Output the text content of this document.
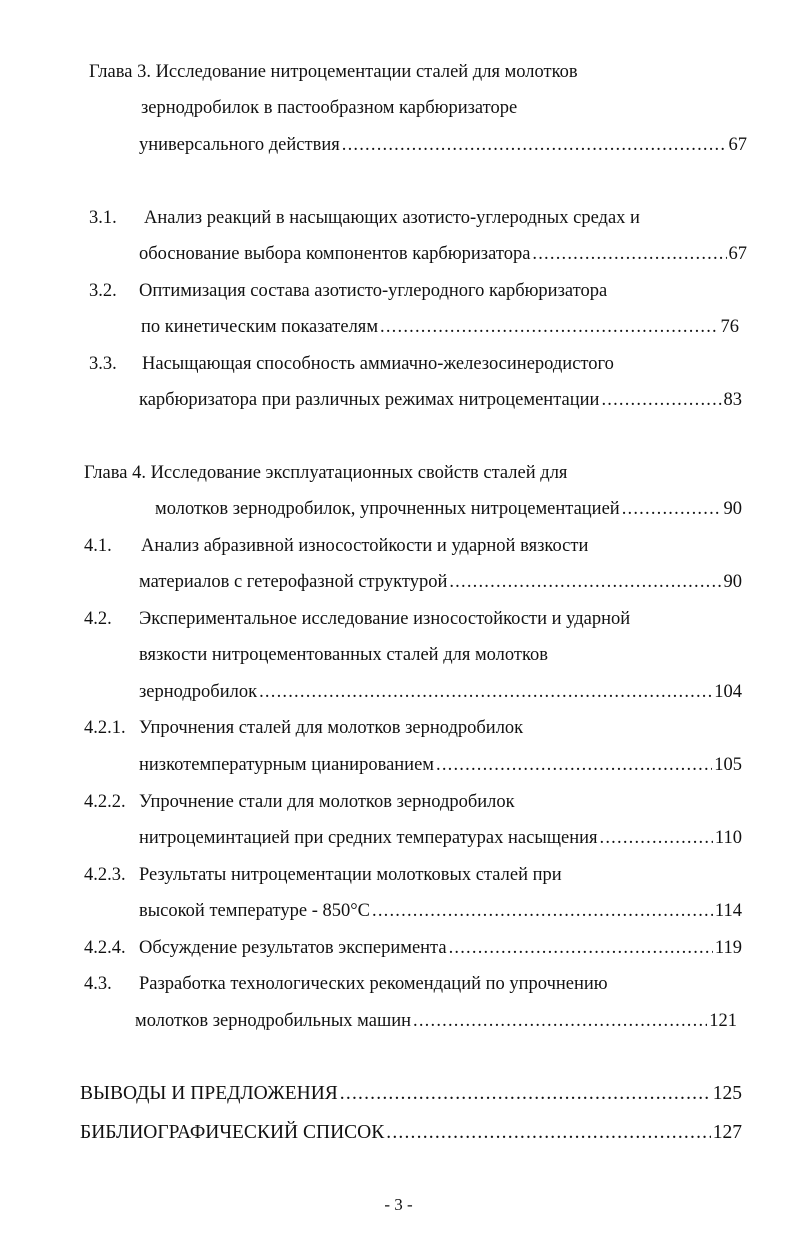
Глава 3. Исследование нитроцементации сталей для молотков
зернодробилок в пастообразном карбюризаторе
универсального действия .....	67
3.1. Анализ реакций в насыщающих азотисто-углеродных средах и
обоснование выбора компонентов карбюризатора .....	67
3.2. Оптимизация состава азотисто-углеродного карбюризатора
по кинетическим показателям .....	76
3.3. Насыщающая способность аммиачно-железосинеродистого
карбюризатора при различных режимах нитроцементации .....	83
Глава 4. Исследование эксплуатационных свойств сталей для
молотков зернодробилок, упрочненных нитроцементацией .....	90
4.1. Анализ абразивной износостойкости и ударной вязкости
материалов с гетерофазной структурой .....	90
4.2. Экспериментальное исследование износостойкости и ударной
вязкости нитроцементованных сталей для молотков
зернодробилок .....	104
4.2.1. Упрочнения сталей для молотков зернодробилок
низкотемпературным цианированием .....	105
4.2.2. Упрочнение стали для молотков зернодробилок
нитроцеминтацией при средних температурах насыщения .....	110
4.2.3. Результаты нитроцементации молотковых сталей при
высокой температуре - 850°С .....	114
4.2.4. Обсуждение результатов эксперимента .....	119
4.3. Разработка технологических рекомендаций по упрочнению
молотков зернодробильных машин .....	121
ВЫВОДЫ И ПРЕДЛОЖЕНИЯ .....	125
БИБЛИОГРАФИЧЕСКИЙ СПИСОК .....	127
- 3 -
